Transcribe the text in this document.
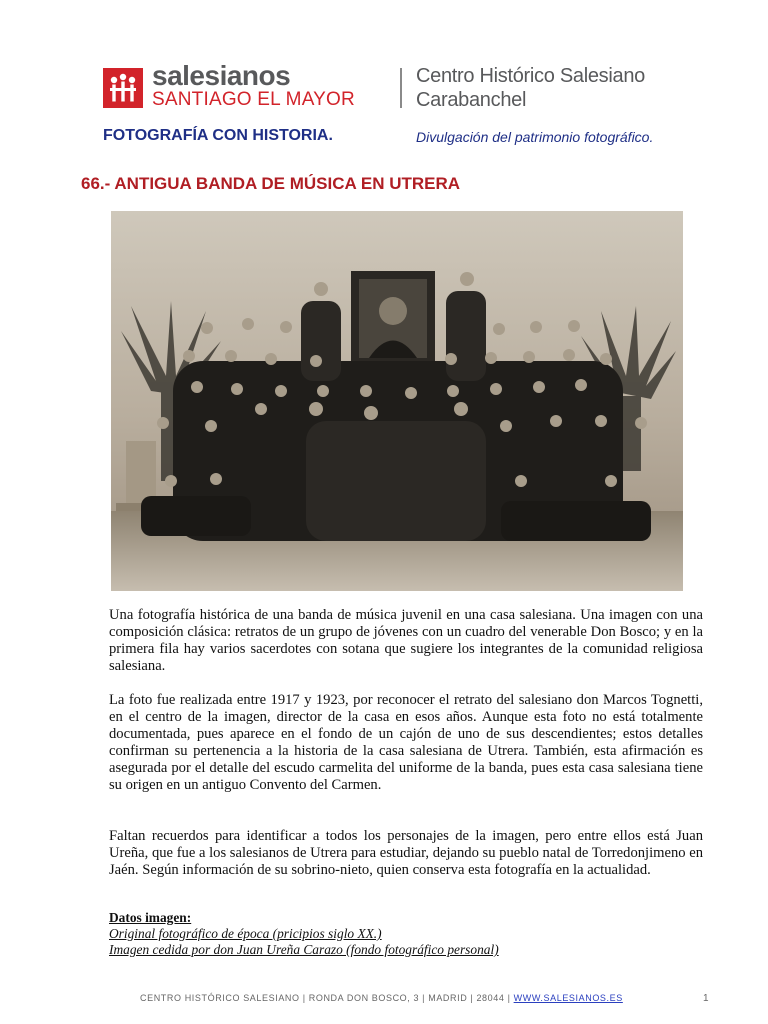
salesianos
SANTIAGO EL MAYOR
Centro Histórico Salesiano
Carabanchel
FOTOGRAFÍA CON HISTORIA.	Divulgación del patrimonio fotográfico.
66.- ANTIGUA BANDA DE MÚSICA EN UTRERA

Una fotografía histórica de una banda de música juvenil en una casa salesiana. Una imagen con una composición clásica: retratos de un grupo de jóvenes con un cuadro del venerable Don Bosco; y en la primera fila hay varios sacerdotes con sotana que sugiere los integrantes de la comunidad religiosa salesiana.

La foto fue realizada entre 1917 y 1923, por reconocer el retrato del salesiano don Marcos Tognetti, en el centro de la imagen, director de la casa en esos años. Aunque esta foto no está totalmente documentada, pues aparece en el fondo de un cajón de uno de sus descendientes; estos detalles confirman su pertenencia a la historia de la casa salesiana de Utrera. También, esta afirmación es asegurada por el detalle del escudo carmelita del uniforme de la banda, pues esta casa salesiana tiene su origen en un antiguo Convento del Carmen.

Faltan recuerdos para identificar a todos los personajes de la imagen, pero entre ellos está Juan Ureña, que fue a los salesianos de Utrera para estudiar, dejando su pueblo natal de Torredonjimeno en Jaén. Según información de su sobrino-nieto, quien conserva esta fotografía en la actualidad.

Datos imagen:
Original fotográfico de época (pricipios siglo XX.)
Imagen cedida por don Juan Ureña Carazo (fondo fotográfico personal)
CENTRO HISTÓRICO SALESIANO | RONDA DON BOSCO, 3 | MADRID | 28044 | WWW.SALESIANOS.ES	1
